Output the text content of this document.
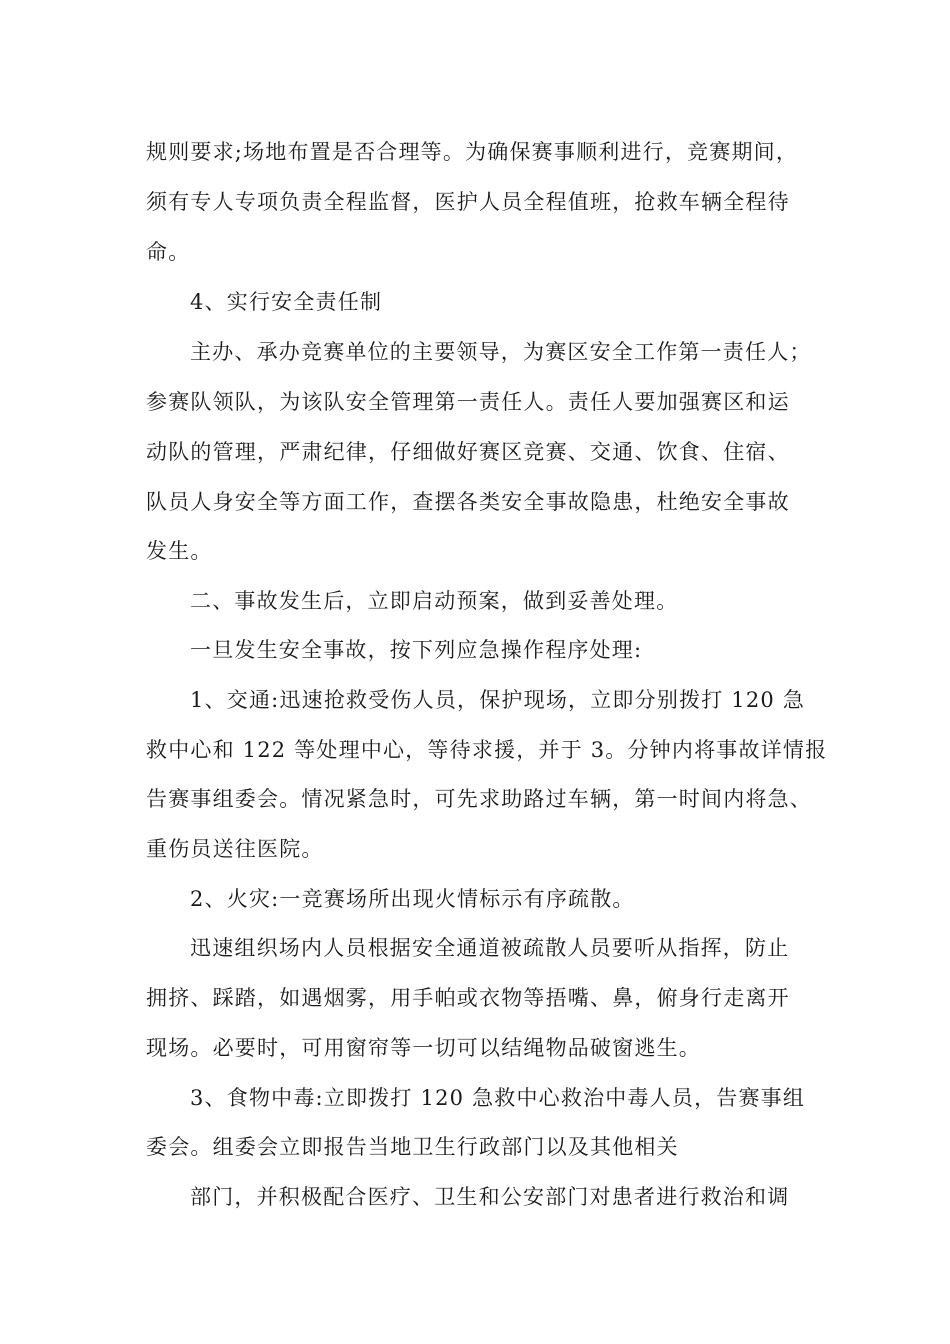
规则要求;场地布置是否合理等。为确保赛事顺利进行，竞赛期间，
须有专人专项负责全程监督，医护人员全程值班，抢救车辆全程待
命。
4、实行安全责任制
主办、承办竞赛单位的主要领导，为赛区安全工作第一责任人；
参赛队领队，为该队安全管理第一责任人。责任人要加强赛区和运
动队的管理，严肃纪律，仔细做好赛区竞赛、交通、饮食、住宿、
队员人身安全等方面工作，查摆各类安全事故隐患，杜绝安全事故
发生。
二、事故发生后，立即启动预案，做到妥善处理。
一旦发生安全事故，按下列应急操作程序处理:
1、交通:迅速抢救受伤人员，保护现场，立即分别拨打 120 急
救中心和 122 等处理中心，等待求援，并于 3。分钟内将事故详情报
告赛事组委会。情况紧急时，可先求助路过车辆，第一时间内将急、
重伤员送往医院。
2、火灾:一竞赛场所出现火情标示有序疏散。
迅速组织场内人员根据安全通道被疏散人员要听从指挥，防止
拥挤、踩踏，如遇烟雾，用手帕或衣物等捂嘴、鼻，俯身行走离开
现场。必要时，可用窗帘等一切可以结绳物品破窗逃生。
3、食物中毒:立即拨打 120 急救中心救治中毒人员，告赛事组
委会。组委会立即报告当地卫生行政部门以及其他相关
部门，并积极配合医疗、卫生和公安部门对患者进行救治和调
